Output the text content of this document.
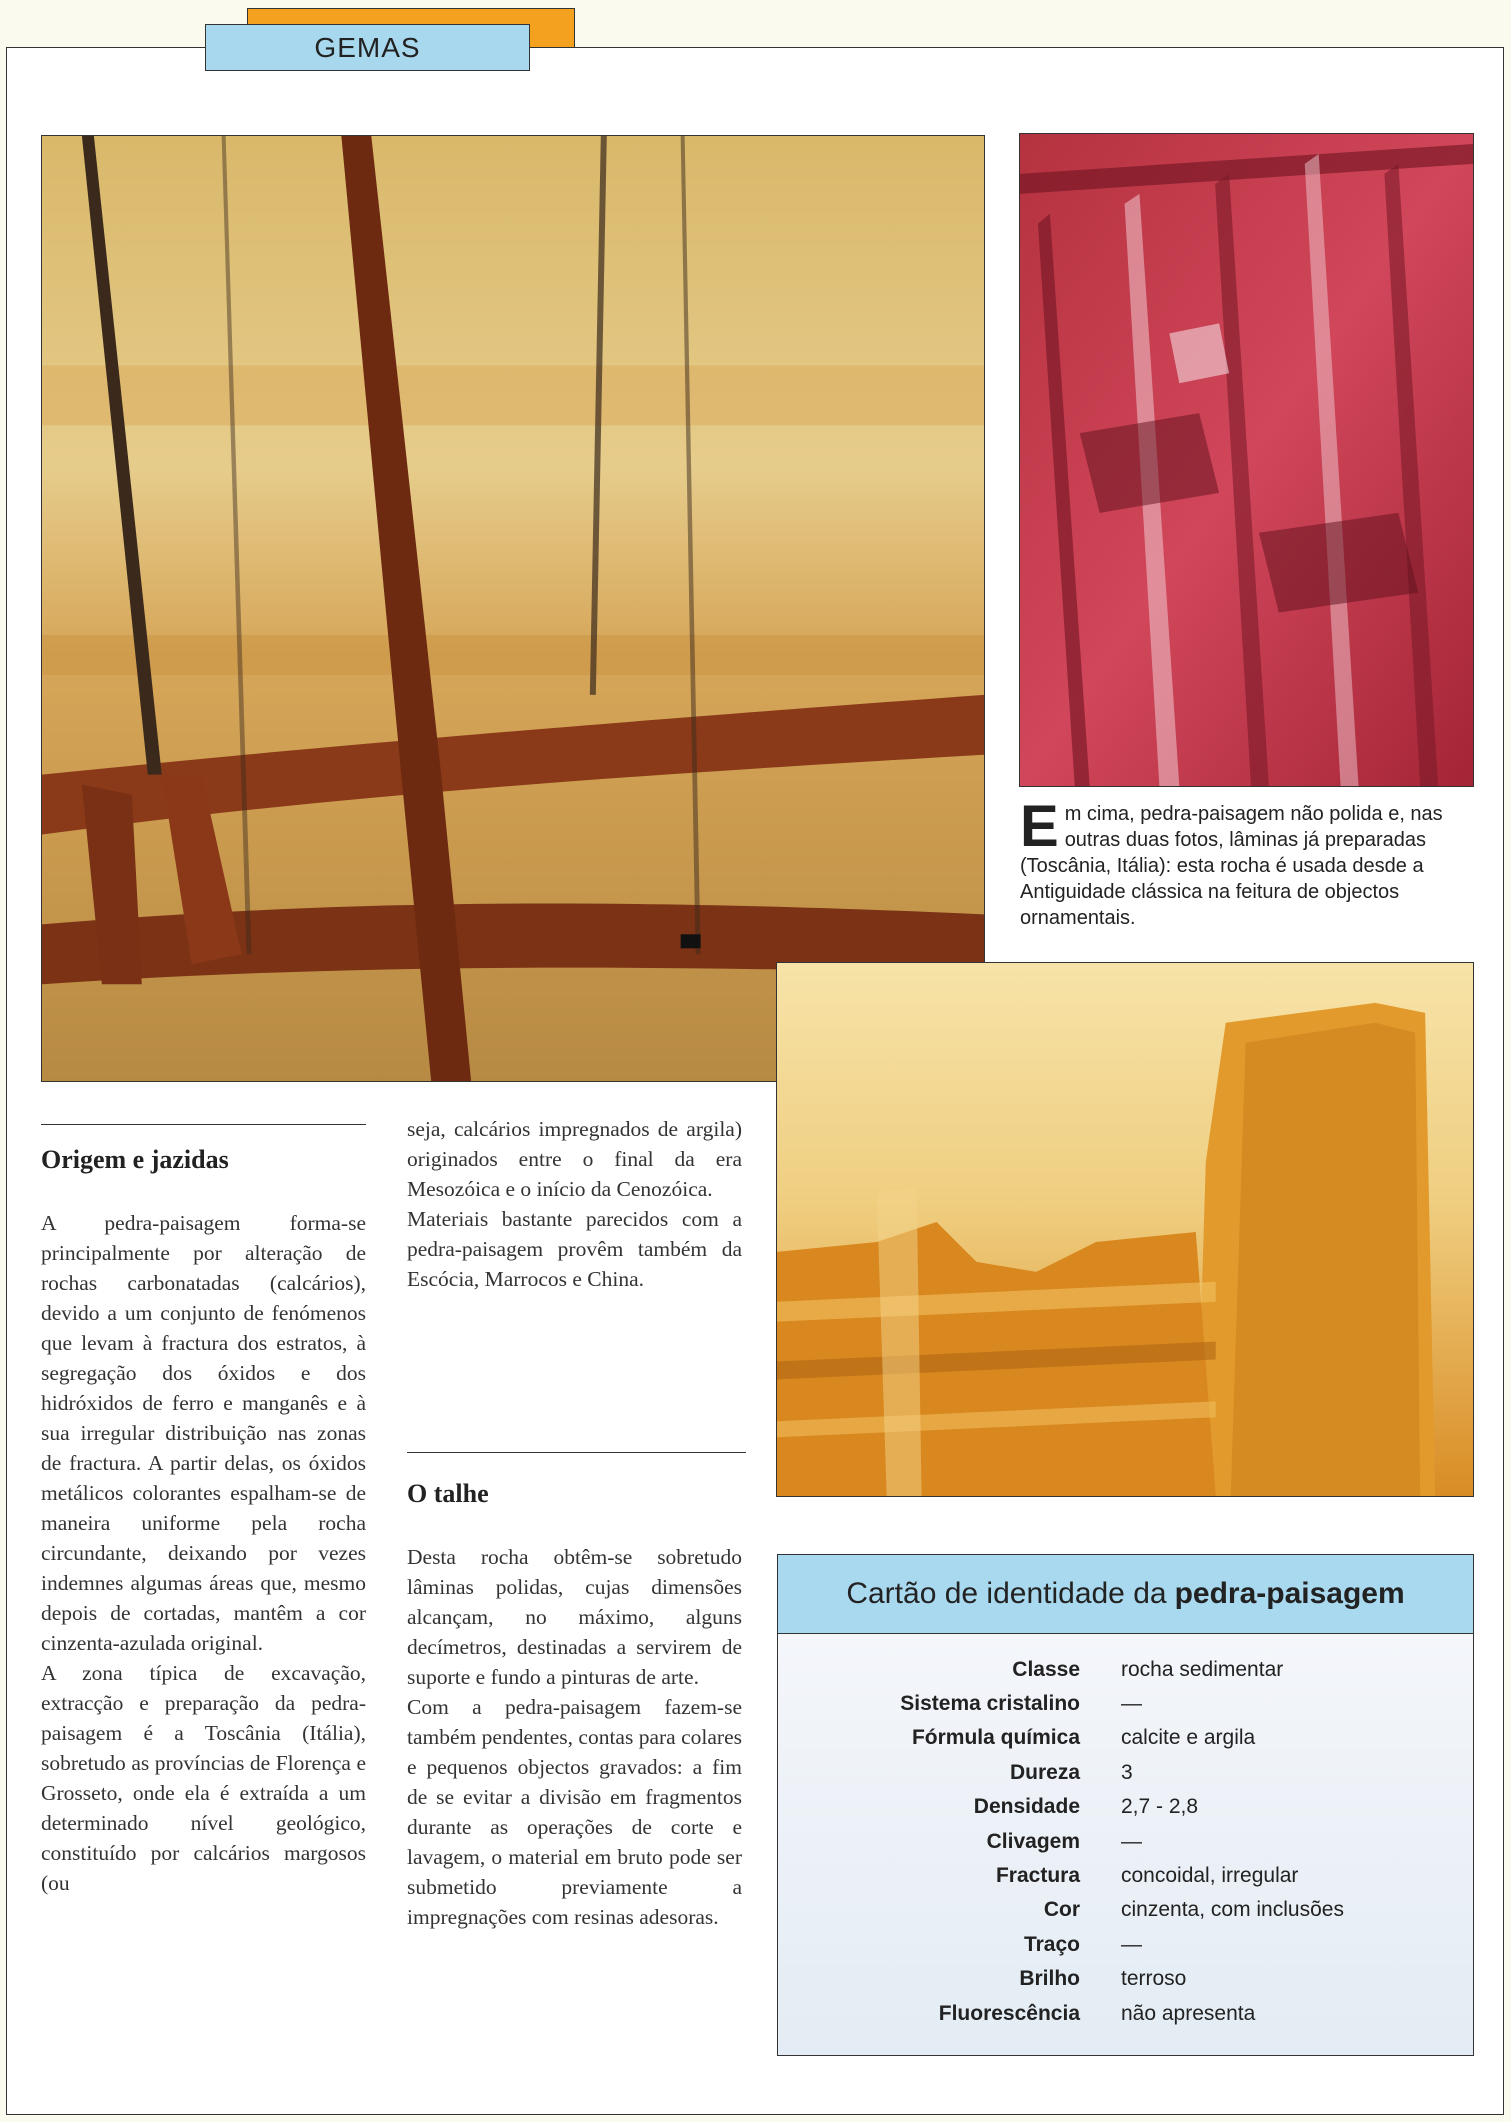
GEMAS
Em cima, pedra-paisagem não polida e, nas outras duas fotos, lâminas já preparadas (Toscânia, Itália): esta rocha é usada desde a Antiguidade clássica na feitura de objectos ornamentais.
Origem e jazidas

A pedra-paisagem forma-se principalmente por alteração de rochas carbonatadas (calcários), devido a um conjunto de fenómenos que levam à fractura dos estratos, à segregação dos óxidos e dos hidróxidos de ferro e manganês e à sua irregular distribuição nas zonas de fractura. A partir delas, os óxidos metálicos colorantes espalham-se de maneira uniforme pela rocha circundante, deixando por vezes indemnes algumas áreas que, mesmo depois de cortadas, mantêm a cor cinzenta-azulada original.

A zona típica de excavação, extracção e preparação da pedra-paisagem é a Toscânia (Itália), sobretudo as províncias de Florença e Grosseto, onde ela é extraída a um determinado nível geológico, constituído por calcários margosos (ou

seja, calcários impregnados de argila) originados entre o final da era Mesozóica e o início da Cenozóica.

Materiais bastante parecidos com a pedra-paisagem provêm também da Escócia, Marrocos e China.

O talhe

Desta rocha obtêm-se sobretudo lâminas polidas, cujas dimensões alcançam, no máximo, alguns decímetros, destinadas a servirem de suporte e fundo a pinturas de arte.

Com a pedra-paisagem fazem-se também pendentes, contas para colares e pequenos objectos gravados: a fim de se evitar a divisão em fragmentos durante as operações de corte e lavagem, o material em bruto pode ser submetido previamente a impregnações com resinas adesoras.

Cartão de identidade da pedra-paisagem
Classe rocha sedimentar
Sistema cristalino —
Fórmula química calcite e argila
Dureza 3
Densidade 2,7 - 2,8
Clivagem —
Fractura concoidal, irregular
Cor cinzenta, com inclusões
Traço —
Brilho terroso
Fluorescência não apresenta
